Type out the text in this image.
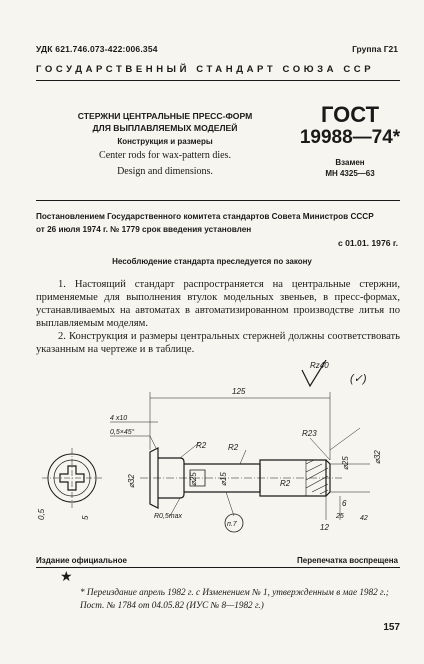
УДК 621.746.073-422:006.354	Группа Г21
ГОСУДАРСТВЕННЫЙ СТАНДАРТ СОЮЗА ССР
СТЕРЖНИ ЦЕНТРАЛЬНЫЕ ПРЕСС-ФОРМ
ДЛЯ ВЫПЛАВЛЯЕМЫХ МОДЕЛЕЙ
Конструкция и размеры
Center rods for wax-pattern dies.
Design and dimensions.
ГОСТ
19988—74*
Взамен
МН 4325—63
Постановлением Государственного комитета стандартов Совета Министров СССР
от 26 июля 1974 г. № 1779 срок введения установлен
с 01.01. 1976 г.
Несоблюдение стандарта преследуется по закону

1. Настоящий стандарт распространяется на центральные стержни, применяемые для выполнения втулок модельных звеньев, в пресс-формах, устанавливаемых на автоматах в автоматизированном производстве литья по выплавляемым моделям.

2. Конструкция и размеры центральных стержней должны соответствовать указанным на чертеже и в таблице.

Rz40
(✓)
125
4 х10
0,5×45°
R2	R2
R2
R23
⌀32	⌀25	⌀15
⌀25	⌀32
0,5	5
6
R0,5max
п.7	12
25 42
Издание официальное	Перепечатка воспрещена
★
* Переиздание апрель 1982 г. с Изменением № 1, утвержденным в мае 1982 г.; Пост. № 1784 от 04.05.82 (ИУС № 8—1982 г.)
157
